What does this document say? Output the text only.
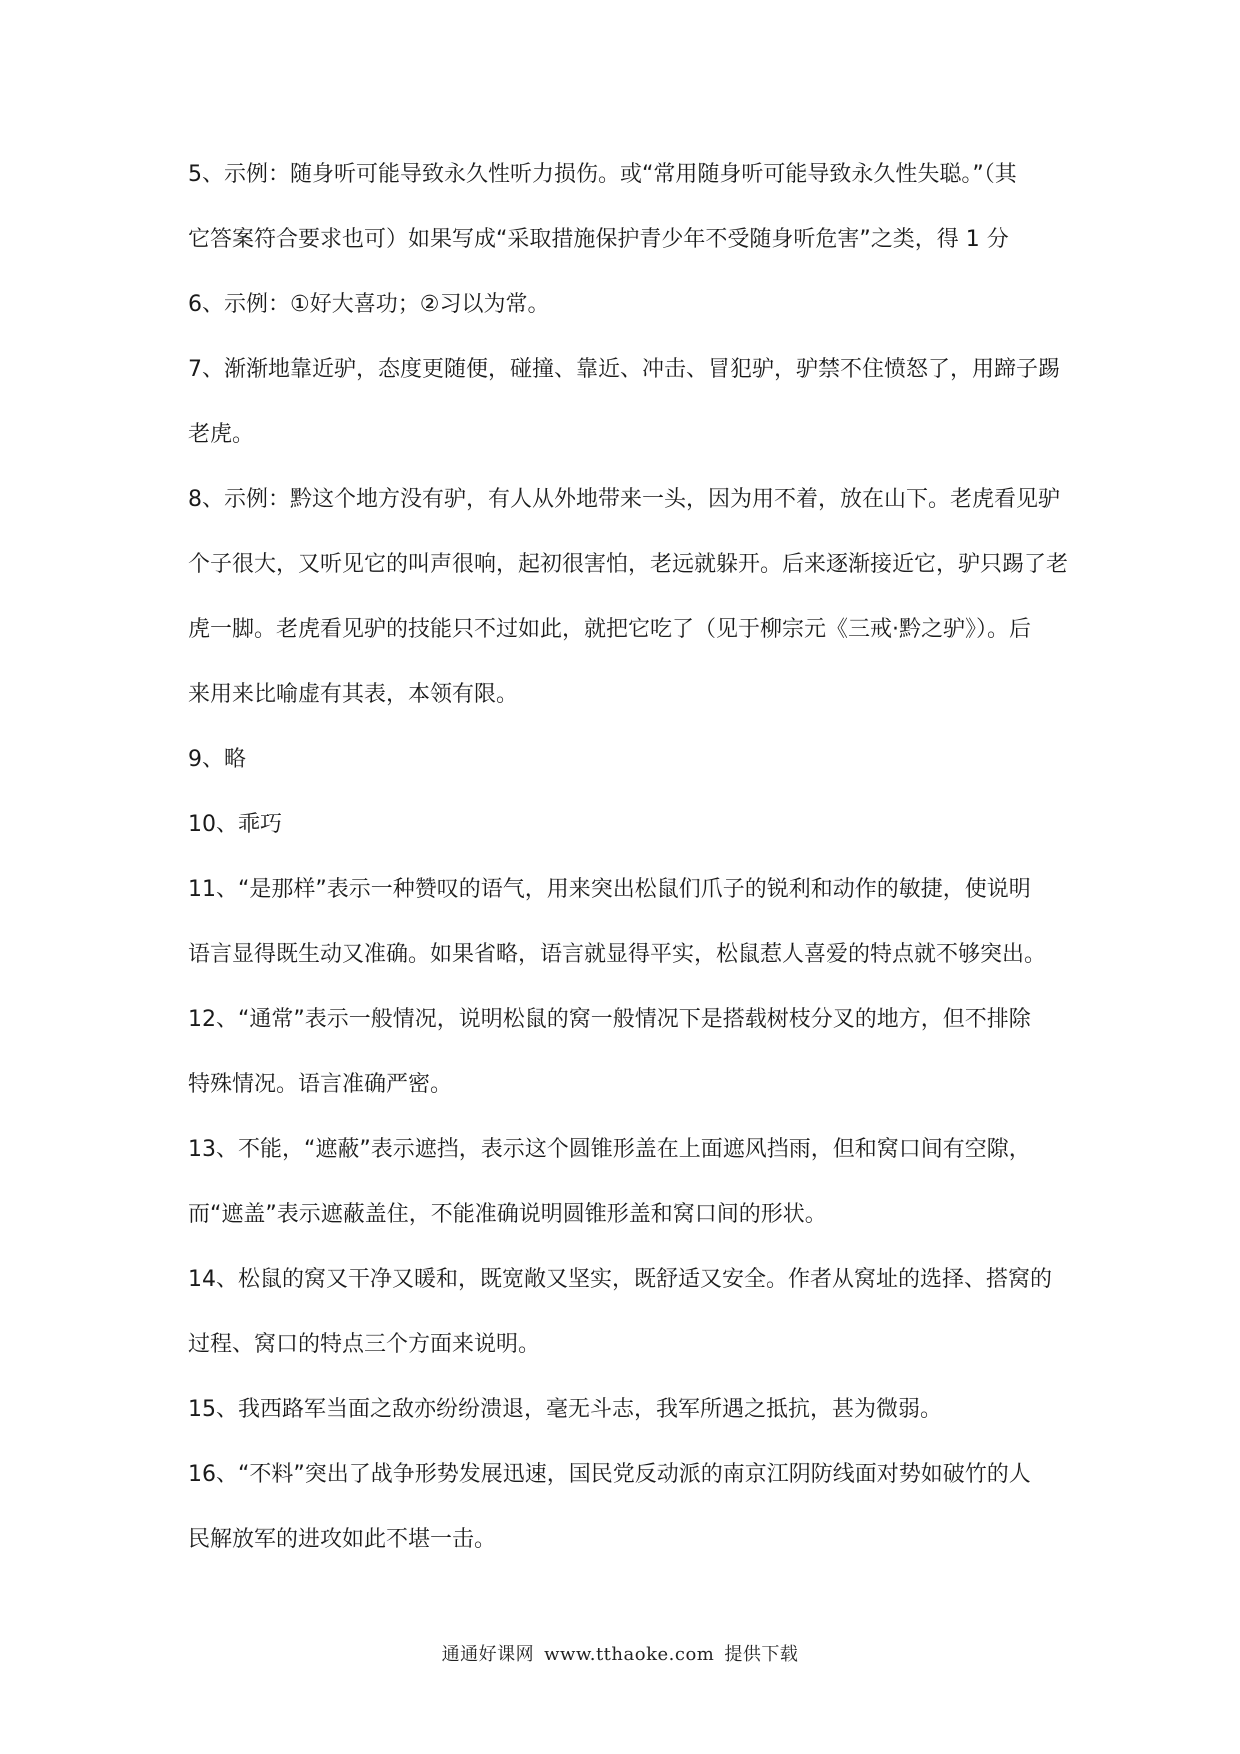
5、示例：随身听可能导致永久性听力损伤。或“常用随身听可能导致永久性失聪。”（其
它答案符合要求也可）如果写成“采取措施保护青少年不受随身听危害”之类，得 1 分
6、示例：①好大喜功；②习以为常。
7、渐渐地靠近驴，态度更随便，碰撞、靠近、冲击、冒犯驴，驴禁不住愤怒了，用蹄子踢
老虎。
8、示例：黔这个地方没有驴，有人从外地带来一头，因为用不着，放在山下。老虎看见驴
个子很大，又听见它的叫声很响，起初很害怕，老远就躲开。后来逐渐接近它，驴只踢了老
虎一脚。老虎看见驴的技能只不过如此，就把它吃了（见于柳宗元《三戒·黔之驴》）。后
来用来比喻虚有其表，本领有限。
9、略
10、乖巧
11、“是那样”表示一种赞叹的语气，用来突出松鼠们爪子的锐利和动作的敏捷，使说明
语言显得既生动又准确。如果省略，语言就显得平实，松鼠惹人喜爱的特点就不够突出。
12、“通常”表示一般情况，说明松鼠的窝一般情况下是搭载树枝分叉的地方，但不排除
特殊情况。语言准确严密。
13、不能，“遮蔽”表示遮挡，表示这个圆锥形盖在上面遮风挡雨，但和窝口间有空隙，
而“遮盖”表示遮蔽盖住，不能准确说明圆锥形盖和窝口间的形状。
14、松鼠的窝又干净又暖和，既宽敞又坚实，既舒适又安全。作者从窝址的选择、搭窝的
过程、窝口的特点三个方面来说明。
15、我西路军当面之敌亦纷纷溃退，毫无斗志，我军所遇之抵抗，甚为微弱。
16、“不料”突出了战争形势发展迅速，国民党反动派的南京江阴防线面对势如破竹的人
民解放军的进攻如此不堪一击。
通通好课网 www.tthaoke.com 提供下载
